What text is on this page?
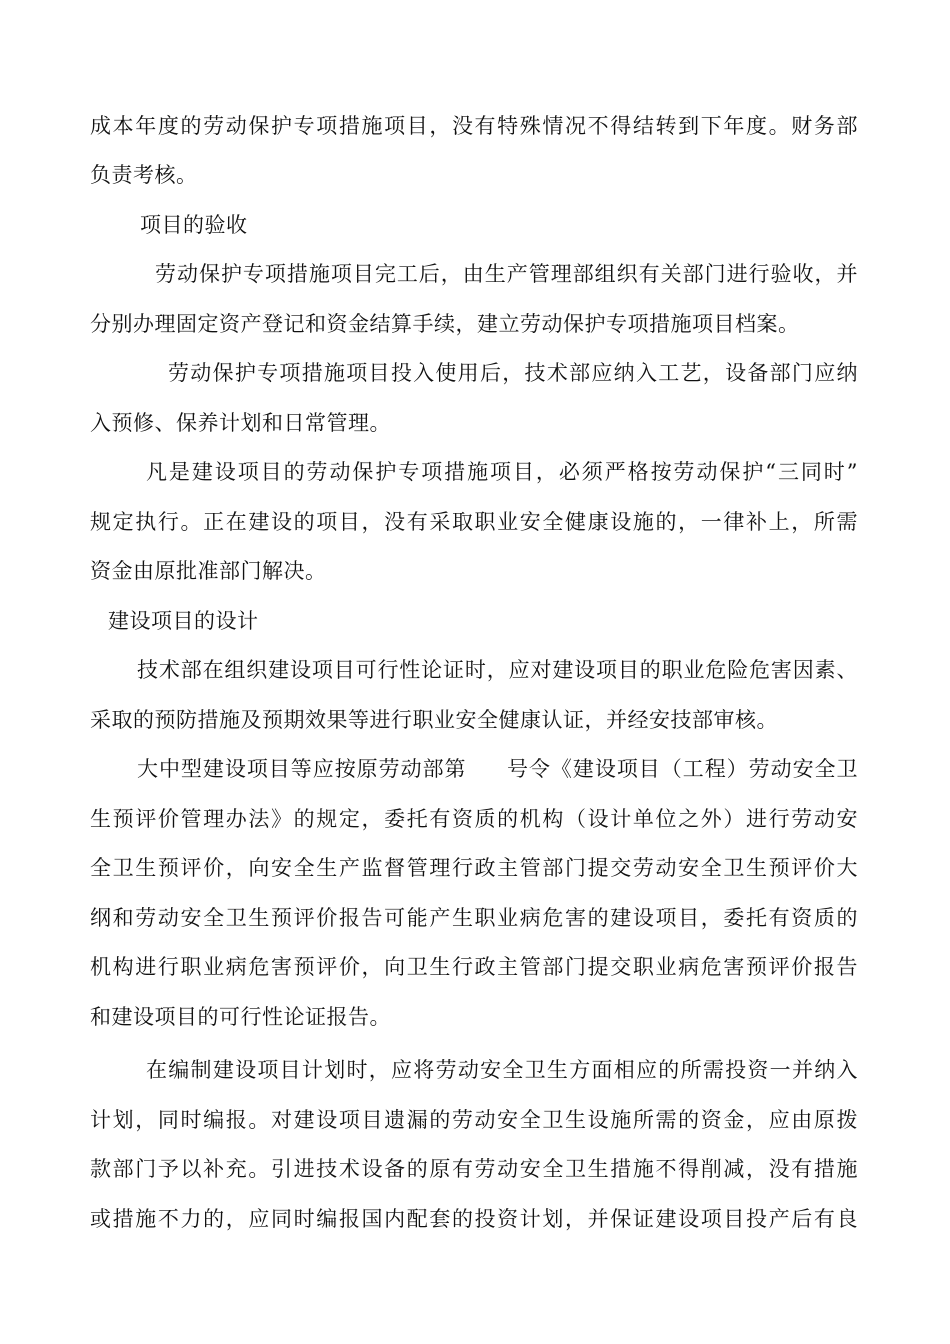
成本年度的劳动保护专项措施项目，没有特殊情况不得结转到下年度。财务部
负责考核。
项目的验收
劳动保护专项措施项目完工后，由生产管理部组织有关部门进行验收，并
分别办理固定资产登记和资金结算手续，建立劳动保护专项措施项目档案。
劳动保护专项措施项目投入使用后，技术部应纳入工艺，设备部门应纳
入预修、保养计划和日常管理。
凡是建设项目的劳动保护专项措施项目，必须严格按劳动保护“三同时”
规定执行。正在建设的项目，没有采取职业安全健康设施的，一律补上，所需
资金由原批准部门解决。
建设项目的设计
技术部在组织建设项目可行性论证时，应对建设项目的职业危险危害因素、
采取的预防措施及预期效果等进行职业安全健康认证，并经安技部审核。
大中型建设项目等应按原劳动部第 号令《建设项目（工程）劳动安全卫
生预评价管理办法》的规定，委托有资质的机构（设计单位之外）进行劳动安
全卫生预评价，向安全生产监督管理行政主管部门提交劳动安全卫生预评价大
纲和劳动安全卫生预评价报告可能产生职业病危害的建设项目，委托有资质的
机构进行职业病危害预评价，向卫生行政主管部门提交职业病危害预评价报告
和建设项目的可行性论证报告。
在编制建设项目计划时，应将劳动安全卫生方面相应的所需投资一并纳入
计划，同时编报。对建设项目遗漏的劳动安全卫生设施所需的资金，应由原拨
款部门予以补充。引进技术设备的原有劳动安全卫生措施不得削减，没有措施
或措施不力的，应同时编报国内配套的投资计划，并保证建设项目投产后有良
